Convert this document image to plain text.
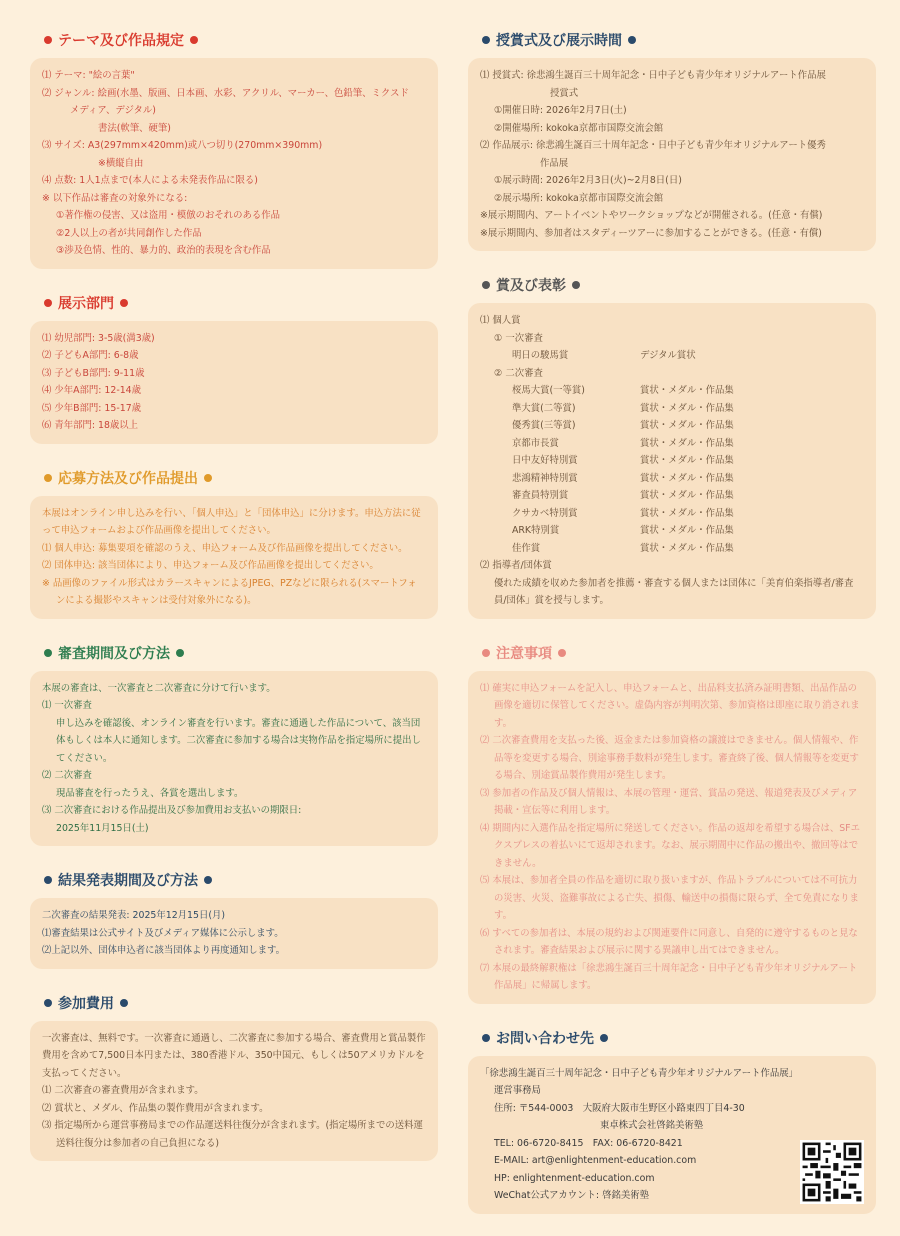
テーマ及び作品規定

⑴ テーマ: "絵の言葉"

⑵ ジャンル: 絵画(水墨、版画、日本画、水彩、アクリル、マーカー、色鉛筆、ミクスド

メディア、デジタル)

書法(軟筆、硬筆)

⑶ サイズ: A3(297mm×420mm)或八つ切り(270mm×390mm)

※横縦自由

⑷ 点数: 1人1点まで(本人による未発表作品に限る)

※ 以下作品は審査の対象外になる:

①著作権の侵害、又は盗用・模倣のおそれのある作品

②2人以上の者が共同創作した作品

③渉及色情、性的、暴力的、政治的表現を含む作品

展示部門

⑴ 幼児部門: 3-5歳(満3歳)

⑵ 子どもA部門: 6-8歳

⑶ 子どもB部門: 9-11歳

⑷ 少年A部門: 12-14歳

⑸ 少年B部門: 15-17歳

⑹ 青年部門: 18歳以上

応募方法及び作品提出

本展はオンライン申し込みを行い、「個人申込」と「団体申込」に分けます。申込方法に従って申込フォームおよび作品画像を提出してください。

⑴ 個人申込: 募集要項を確認のうえ、申込フォーム及び作品画像を提出してください。

⑵ 団体申込: 該当団体により、申込フォーム及び作品画像を提出してください。

※ 品画像のファイル形式はカラースキャンによるJPEG、PZなどに限られる(スマートフォンによる撮影やスキャンは受付対象外になる)。

審査期間及び方法

本展の審査は、一次審査と二次審査に分けて行います。

⑴ 一次審査

申し込みを確認後、オンライン審査を行います。審査に通過した作品について、該当団体もしくは本人に通知します。二次審査に参加する場合は実物作品を指定場所に提出してください。

⑵ 二次審査

現品審査を行ったうえ、各賞を選出します。

⑶ 二次審査における作品提出及び参加費用お支払いの期限日:

2025年11月15日(土)

結果発表期間及び方法

二次審査の結果発表: 2025年12月15日(月)

⑴審査結果は公式サイト及びメディア媒体に公示します。

⑵上記以外、団体申込者に該当団体より再度通知します。

参加費用

一次審査は、無料です。一次審査に通過し、二次審査に参加する場合、審査費用と賞品製作費用を含めて7,500日本円または、380香港ドル、350中国元、もしくは50アメリカドルを支払ってください。

⑴ 二次審査の審査費用が含まれます。

⑵ 賞状と、メダル、作品集の製作費用が含まれます。

⑶ 指定場所から運営事務局までの作品運送料往復分が含まれます。(指定場所までの送料運送料往復分は参加者の自己負担になる)

授賞式及び展示時間

⑴ 授賞式: 徐悲鴻生誕百三十周年記念・日中子ども青少年オリジナルアート作品展

授賞式

①開催日時: 2026年2月7日(土)

②開催場所: kokoka京都市国際交流会館

⑵ 作品展示: 徐悲鴻生誕百三十周年記念・日中子ども青少年オリジナルアート優秀

作品展

①展示時間: 2026年2月3日(火)~2月8日(日)

②展示場所: kokoka京都市国際交流会館

※展示期間内、アートイベントやワークショップなどが開催される。(任意・有償)

※展示期間内、参加者はスタディーツアーに参加することができる。(任意・有償)

賞及び表彰

⑴ 個人賞

① 一次審査

明日の駿馬賞	デジタル賞状

② 二次審査

桜馬大賞(一等賞)	賞状・メダル・作品集
準大賞(二等賞)	賞状・メダル・作品集
優秀賞(三等賞)	賞状・メダル・作品集
京都市長賞	賞状・メダル・作品集
日中友好特別賞	賞状・メダル・作品集
悲鴻精神特別賞	賞状・メダル・作品集
審査員特別賞	賞状・メダル・作品集
クサカベ特別賞	賞状・メダル・作品集
ARK特別賞	賞状・メダル・作品集
佳作賞	賞状・メダル・作品集

⑵ 指導者/団体賞

優れた成績を収めた参加者を推薦・審査する個人または団体に「美育伯楽指導者/審査員/団体」賞を授与します。

注意事項

⑴ 確実に申込フォームを記入し、申込フォームと、出品料支払済み証明書類、出品作品の画像を適切に保管してください。虚偽内容が判明次第、参加資格は即座に取り消されます。

⑵ 二次審査費用を支払った後、返金または参加資格の譲渡はできません。個人情報や、作品等を変更する場合、別途事務手数料が発生します。審査終了後、個人情報等を変更する場合、別途賞品製作費用が発生します。

⑶ 参加者の作品及び個人情報は、本展の管理・運営、賞品の発送、報道発表及びメディア掲載・宣伝等に利用します。

⑷ 期間内に入選作品を指定場所に発送してください。作品の返却を希望する場合は、SFエクスプレスの着払いにて返却されます。なお、展示期間中に作品の搬出や、撤回等はできません。

⑸ 本展は、参加者全員の作品を適切に取り扱いますが、作品トラブルについては不可抗力の災害、火災、盗難事故による亡失、損傷、輸送中の損傷に限らず、全て免責になります。

⑹ すべての参加者は、本展の規約および関連要件に同意し、自発的に遵守するものと見なされます。審査結果および展示に関する異議申し出てはできません。

⑺ 本展の最終解釈権は「徐悲鴻生誕百三十周年記念・日中子ども青少年オリジナルアート作品展」に帰属します。

お問い合わせ先

「徐悲鴻生誕百三十周年記念・日中子ども青少年オリジナルアート作品展」

運営事務局

住所: 〒544-0003　大阪府大阪市生野区小路東四丁目4-30

東卓株式会社啓銘美術塾

TEL: 06-6720-8415　FAX: 06-6720-8421

E-MAIL: art@enlightenment-education.com

HP: enlightenment-education.com

WeChat公式アカウント: 啓銘美術塾
